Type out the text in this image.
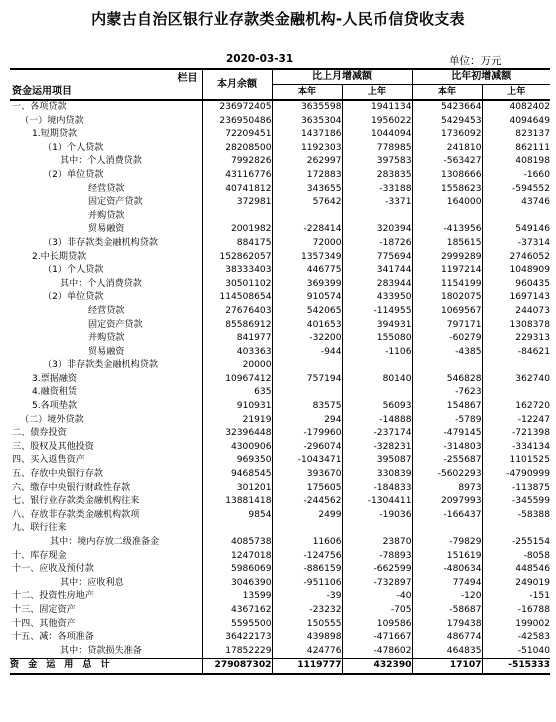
内蒙古自治区银行业存款类金融机构-人民币信贷收支表
2020-03-31	单位：万元
栏目
资金运用项目	本月余额	比上月增减额		比年初增减额	
		本年	上年	本年	上年
一、各项贷款	236972405	3635598	1941134	5423664	4082402
（一）境内贷款	236950486	3635304	1956022	5429453	4094649
1.短期贷款	72209451	1437186	1044094	1736092	823137
（1）个人贷款	28208500	1192303	778985	241810	862111
其中：个人消费贷款	7992826	262997	397583	-563427	408198
（2）单位贷款	43116776	172883	283835	1308666	-1660
经营贷款	40741812	343655	-33188	1558623	-594552
固定资产贷款	372981	57642	-3371	164000	43746
并购贷款					
贸易融资	2001982	-228414	320394	-413956	549146
（3）非存款类金融机构贷款	884175	72000	-18726	185615	-37314
2.中长期贷款	152862057	1357349	775694	2999289	2746052
（1）个人贷款	38333403	446775	341744	1197214	1048909
其中：个人消费贷款	30501102	369399	283944	1154199	960435
（2）单位贷款	114508654	910574	433950	1802075	1697143
经营贷款	27676403	542065	-114955	1069567	244073
固定资产贷款	85586912	401653	394931	797171	1308378
并购贷款	841977	-32200	155080	-60279	229313
贸易融资	403363	-944	-1106	-4385	-84621
（3）非存款类金融机构贷款	20000				
3.票据融资	10967412	757194	80140	546828	362740
4.融资租赁	635			-7623	
5.各项垫款	910931	83575	56093	154867	162720
（二）境外贷款	21919	294	-14888	-5789	-12247
二、债券投资	32396448	-179960	-237174	-479145	-721398
三、股权及其他投资	4300906	-296074	-328231	-314803	-334134
四、买入返售资产	969350	-1043471	395087	-255687	1101525
五、存放中央银行存款	9468545	393670	330839	-5602293	-4790999
六、缴存中央银行财政性存款	301201	175605	-184833	8973	-113875
七、银行业存款类金融机构往来	13881418	-244562	-1304411	2097993	-345599
八、存放非存款类金融机构款项	9854	2499	-19036	-166437	-58388
九、联行往来					
其中：境内存放二级准备金	4085738	11606	23870	-79829	-255154
十、库存现金	1247018	-124756	-78893	151619	-8058
十一、应收及预付款	5986069	-886159	-662599	-480634	448546
其中：应收利息	3046390	-951106	-732897	77494	249019
十二、投资性房地产	13599	-39	-40	-120	-151
十三、固定资产	4367162	-23232	-705	-58687	-16788
十四、其他资产	5595500	150555	109586	179438	199002
十五、减：各项准备	36422173	439898	-471667	486774	-42583
其中：贷款损失准备	17852229	424776	-478602	464835	-51040
资金运用总计	279087302	1119777	432390	17107	-515333
